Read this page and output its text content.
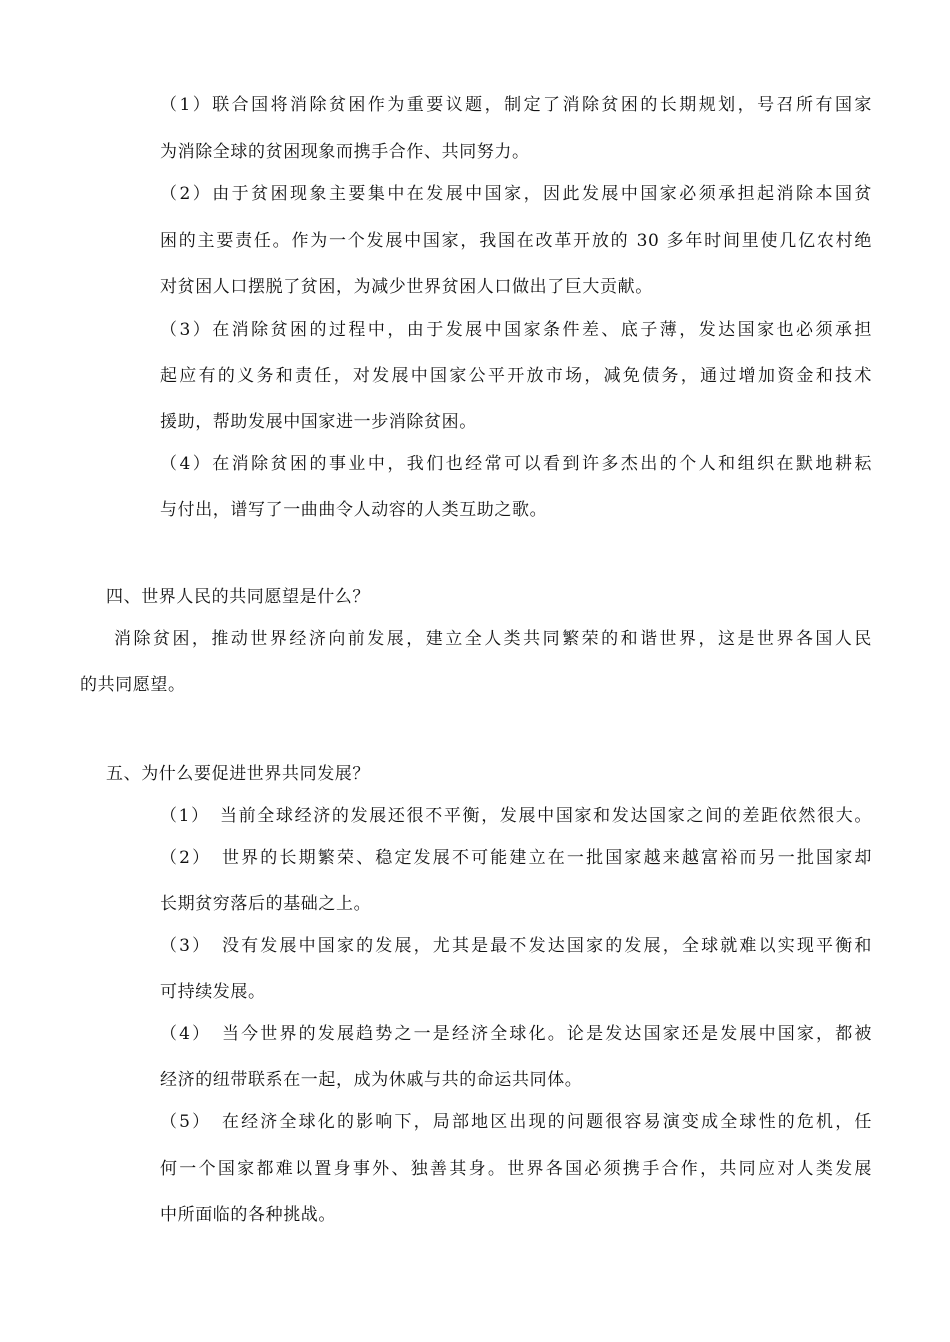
（1）联合国将消除贫困作为重要议题，制定了消除贫困的长期规划，号召所有国家
为消除全球的贫困现象而携手合作、共同努力。
（2）由于贫困现象主要集中在发展中国家，因此发展中国家必须承担起消除本国贫
困的主要责任。作为一个发展中国家，我国在改革开放的 30 多年时间里使几亿农村绝
对贫困人口摆脱了贫困，为减少世界贫困人口做出了巨大贡献。
（3）在消除贫困的过程中，由于发展中国家条件差、底子薄，发达国家也必须承担
起应有的义务和责任，对发展中国家公平开放市场，减免债务，通过增加资金和技术
援助，帮助发展中国家进一步消除贫困。
（4）在消除贫困的事业中，我们也经常可以看到许多杰出的个人和组织在默地耕耘
与付出，谱写了一曲曲令人动容的人类互助之歌。
四、世界人民的共同愿望是什么？
消除贫困，推动世界经济向前发展，建立全人类共同繁荣的和谐世界，这是世界各国人民
的共同愿望。
五、为什么要促进世界共同发展？
（1）　当前全球经济的发展还很不平衡，发展中国家和发达国家之间的差距依然很大。
（2）　世界的长期繁荣、稳定发展不可能建立在一批国家越来越富裕而另一批国家却
长期贫穷落后的基础之上。
（3）　没有发展中国家的发展，尤其是最不发达国家的发展，全球就难以实现平衡和
可持续发展。
（4）　当今世界的发展趋势之一是经济全球化。论是发达国家还是发展中国家，都被
经济的纽带联系在一起，成为休戚与共的命运共同体。
（5）　在经济全球化的影响下，局部地区出现的问题很容易演变成全球性的危机，任
何一个国家都难以置身事外、独善其身。世界各国必须携手合作，共同应对人类发展
中所面临的各种挑战。
